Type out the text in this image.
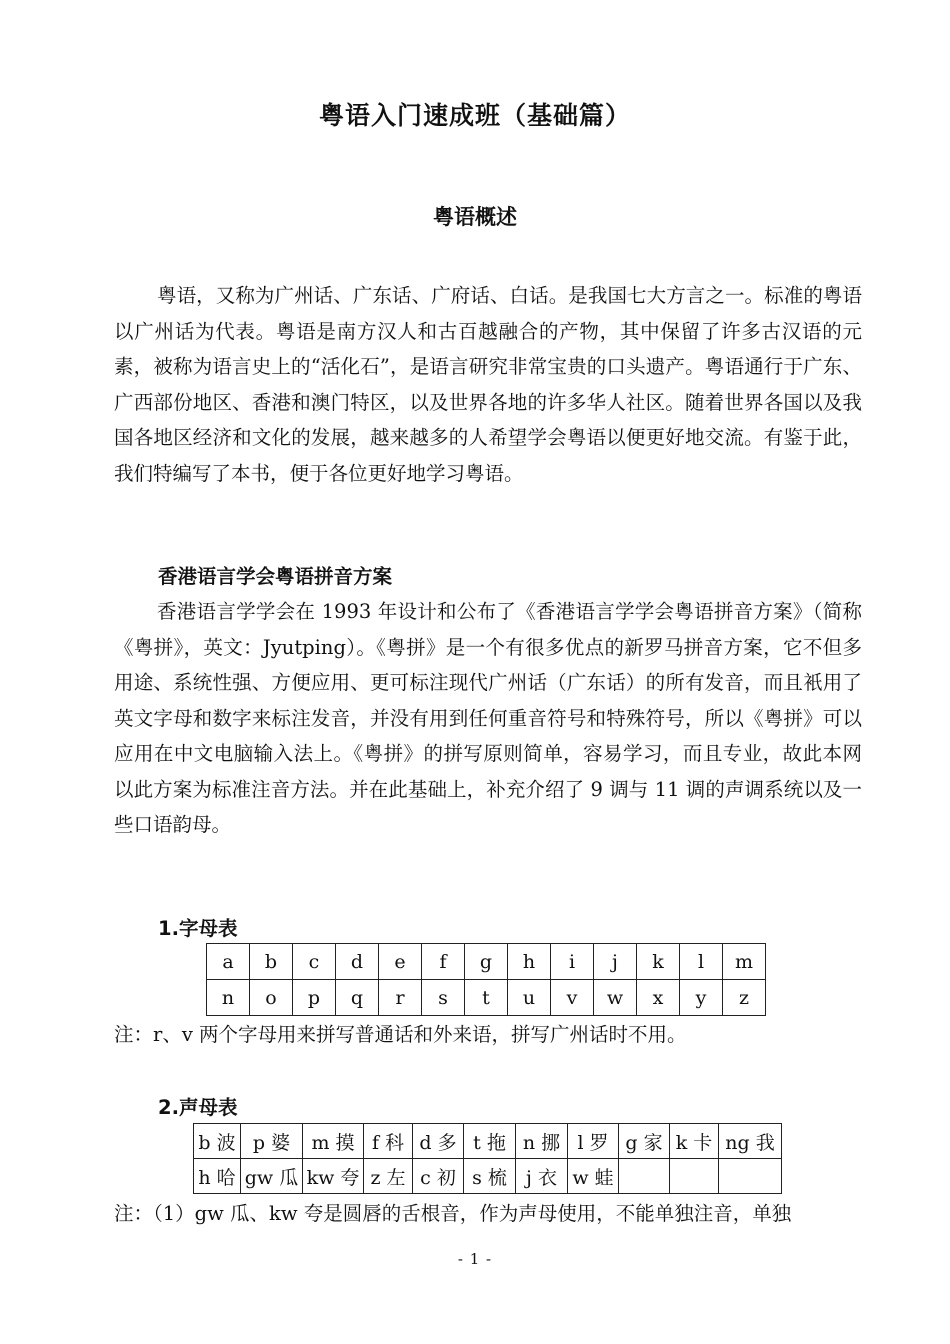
粤语入门速成班（基础篇）
粤语概述

粤语，又称为广州话、广东话、广府话、白话。是我国七大方言之一。标准的粤语以广州话为代表。粤语是南方汉人和古百越融合的产物，其中保留了许多古汉语的元素，被称为语言史上的“活化石”，是语言研究非常宝贵的口头遗产。粤语通行于广东、广西部份地区、香港和澳门特区，以及世界各地的许多华人社区。随着世界各国以及我国各地区经济和文化的发展，越来越多的人希望学会粤语以便更好地交流。有鉴于此，我们特编写了本书，便于各位更好地学习粤语。

香港语言学会粤语拼音方案

香港语言学学会在 1993 年设计和公布了《香港语言学学会粤语拼音方案》（简称《粤拼》，英文：Jyutping）。《粤拼》是一个有很多优点的新罗马拼音方案，它不但多用途、系统性强、方便应用、更可标注现代广州话（广东话）的所有发音，而且衹用了英文字母和数字来标注发音，并没有用到任何重音符号和特殊符号，所以《粤拼》可以应用在中文电脑输入法上。《粤拼》的拼写原则简单，容易学习，而且专业，故此本网以此方案为标准注音方法。并在此基础上，补充介绍了 9 调与 11 调的声调系统以及一些口语韵母。

1.字母表
a	b	c	d	e	f	g	h	i	j	k	l	m
n	o	p	q	r	s	t	u	v	w	x	y	z

注：r、v 两个字母用来拼写普通话和外来语，拼写广州话时不用。

2.声母表
b 波	p 婆	m 摸	f 科	d 多	t 拖	n 挪	l 罗	g 家	k 卡	ng 我
h 哈	gw 瓜	kw 夸	z 左	c 初	s 梳	j 衣	w 蛙			

注：（1）gw 瓜、kw 夸是圆唇的舌根音，作为声母使用，不能单独注音，单独

- 1 -
